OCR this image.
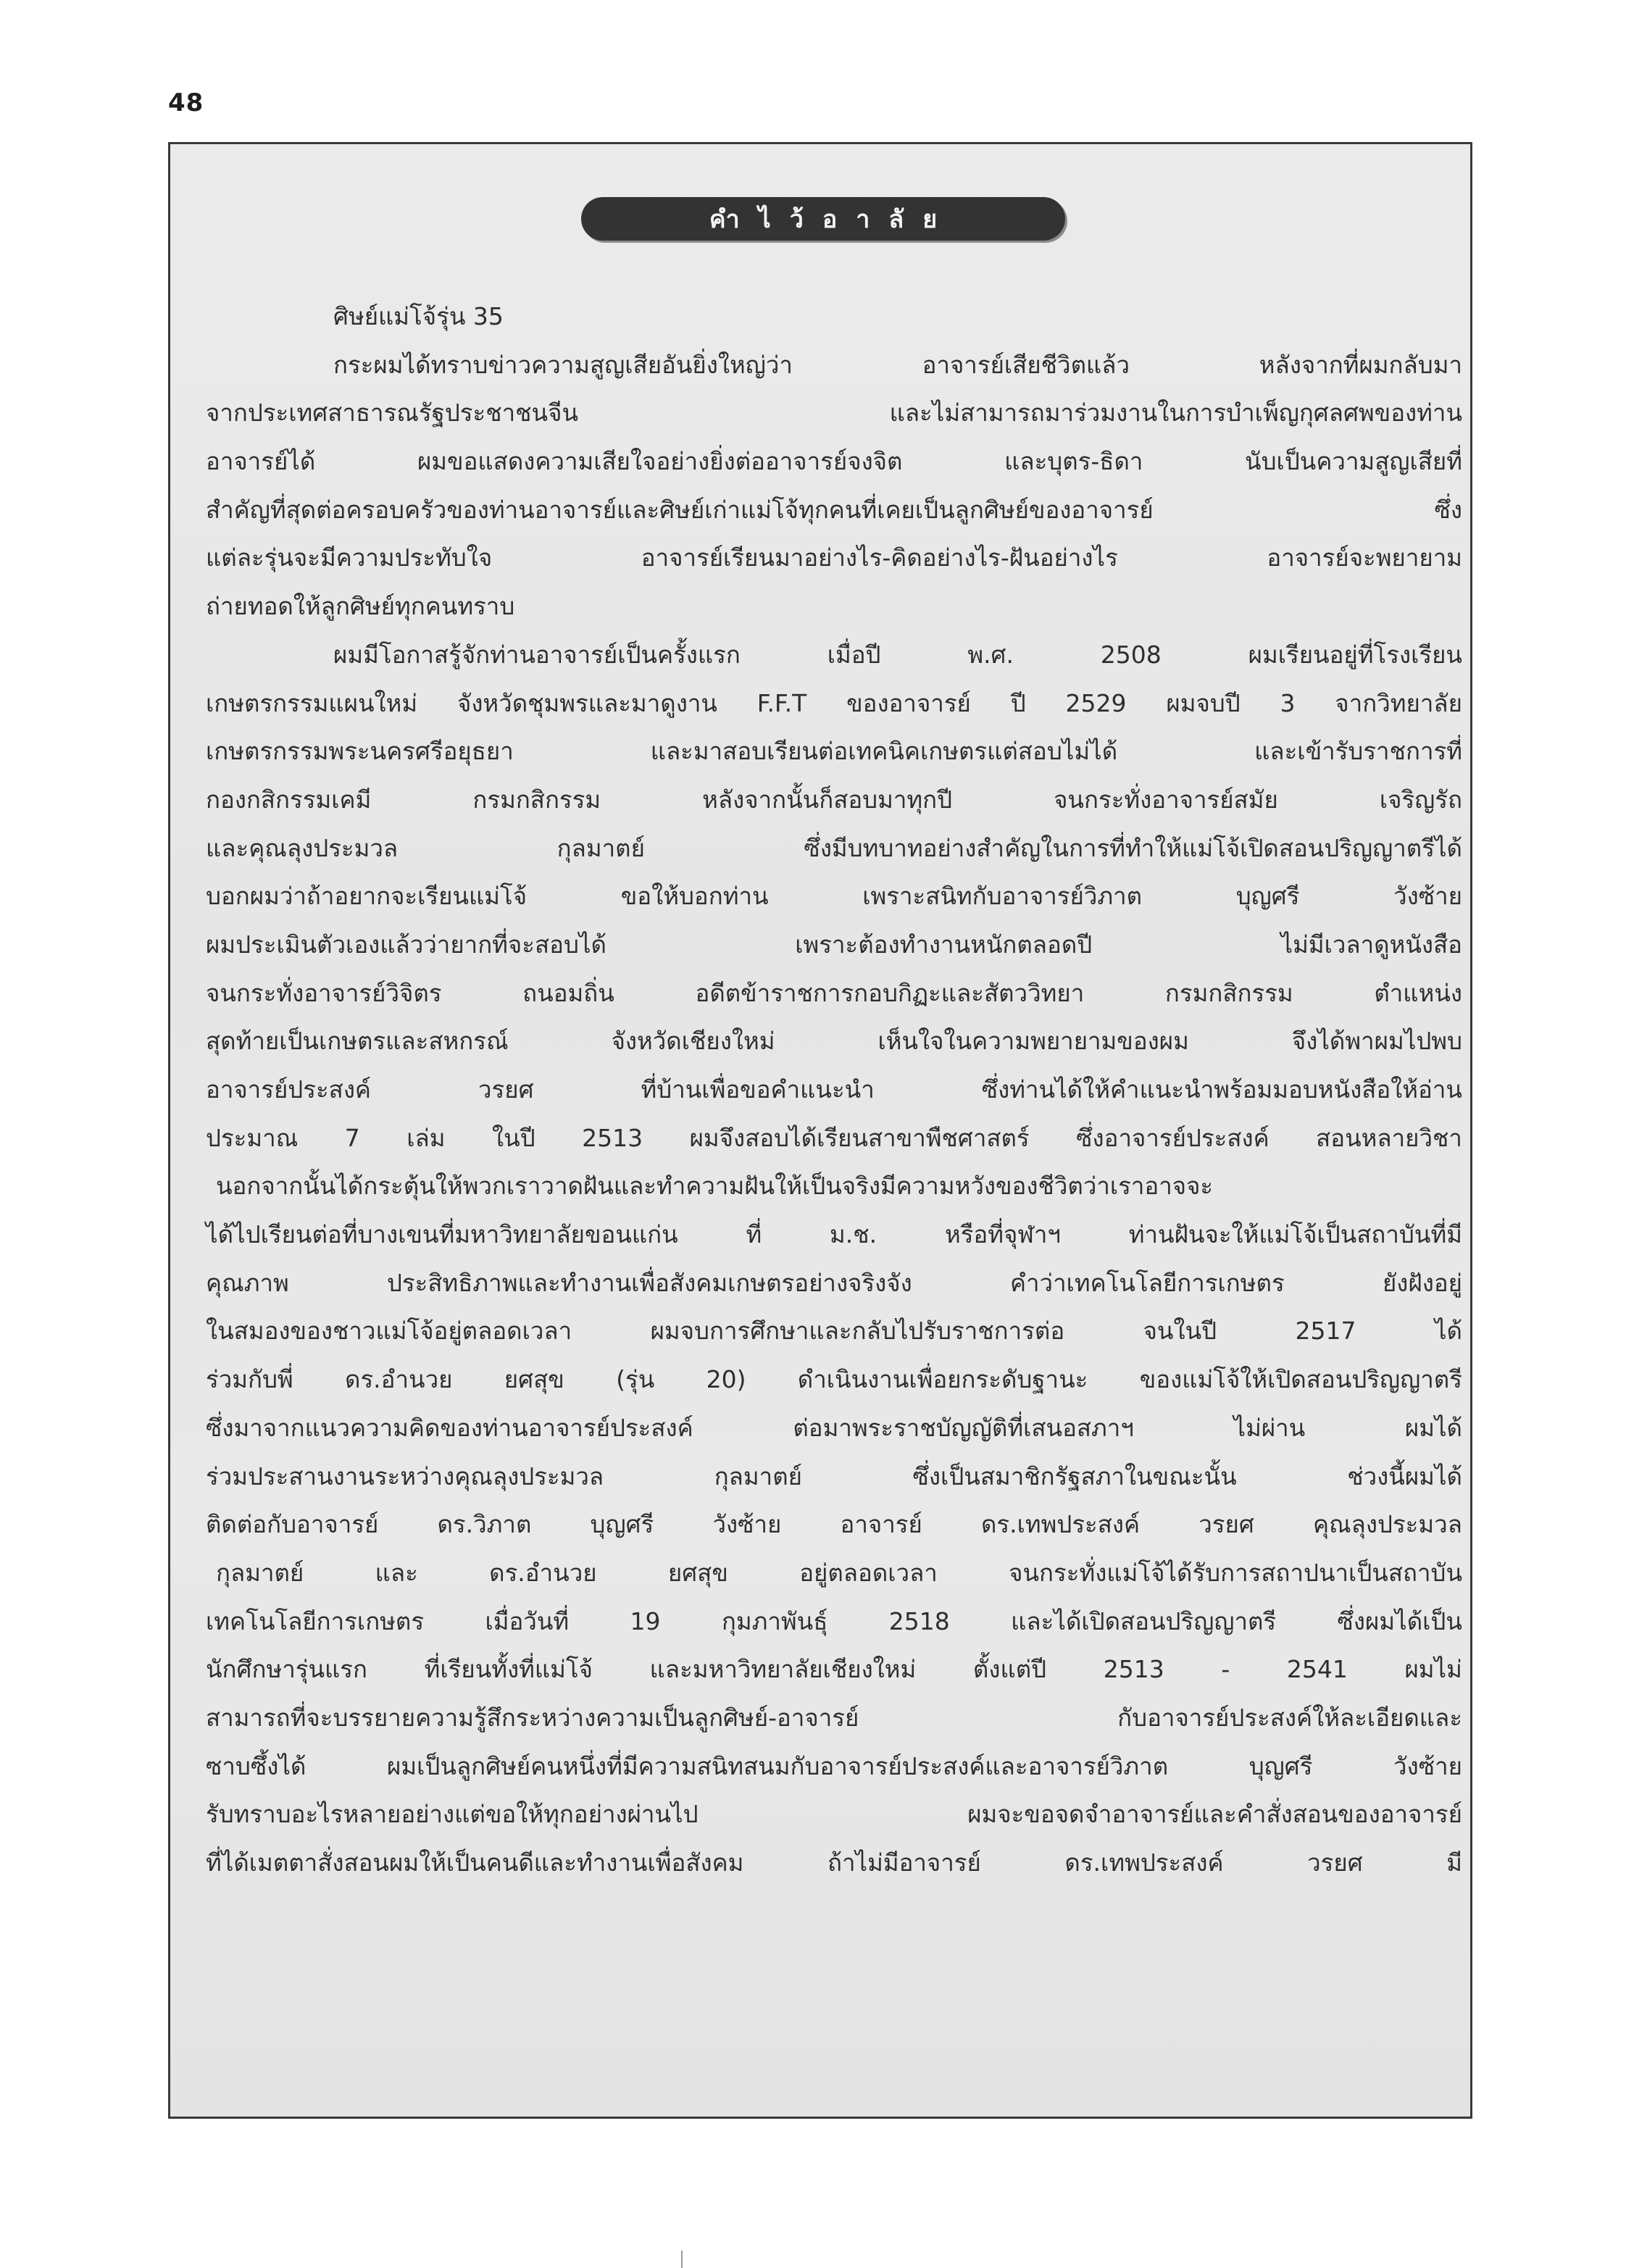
48
คำไว้อาลัย
ศิษย์แม่โจ้รุ่น 35
กระผมได้ทราบข่าวความสูญเสียอันยิ่งใหญ่ว่า	อาจารย์เสียชีวิตแล้ว	หลังจากที่ผมกลับมา
จากประเทศสาธารณรัฐประชาชนจีน	และไม่สามารถมาร่วมงานในการบำเพ็ญกุศลศพของท่าน
อาจารย์ได้	ผมขอแสดงความเสียใจอย่างยิ่งต่ออาจารย์จงจิต	และบุตร-ธิดา	นับเป็นความสูญเสียที่
สำคัญที่สุดต่อครอบครัวของท่านอาจารย์และศิษย์เก่าแม่โจ้ทุกคนที่เคยเป็นลูกศิษย์ของอาจารย์	ซึ่ง
แต่ละรุ่นจะมีความประทับใจ	อาจารย์เรียนมาอย่างไร-คิดอย่างไร-ฝันอย่างไร	อาจารย์จะพยายาม
ถ่ายทอดให้ลูกศิษย์ทุกคนทราบ
ผมมีโอกาสรู้จักท่านอาจารย์เป็นครั้งแรก	เมื่อปี	พ.ศ.	2508	ผมเรียนอยู่ที่โรงเรียน
เกษตรกรรมแผนใหม่ จังหวัดชุมพรและมาดูงาน F.F.T ของอาจารย์ ปี 2529 ผมจบปี 3 จากวิทยาลัย
เกษตรกรรมพระนครศรีอยุธยา	และมาสอบเรียนต่อเทคนิคเกษตรแต่สอบไม่ได้	และเข้ารับราชการที่
กองกสิกรรมเคมี	กรมกสิกรรม	หลังจากนั้นก็สอบมาทุกปี	จนกระทั่งอาจารย์สมัย	เจริญรัถ
และคุณลุงประมวล	กุลมาตย์	ซึ่งมีบทบาทอย่างสำคัญในการที่ทำให้แม่โจ้เปิดสอนปริญญาตรีได้
บอกผมว่าถ้าอยากจะเรียนแม่โจ้	ขอให้บอกท่าน	เพราะสนิทกับอาจารย์วิภาต	บุญศรี	วังซ้าย
ผมประเมินตัวเองแล้วว่ายากที่จะสอบได้	เพราะต้องทำงานหนักตลอดปี	ไม่มีเวลาดูหนังสือ
จนกระทั่งอาจารย์วิจิตร	ถนอมถิ่น	อดีตข้าราชการกอบกิฏะและสัตววิทยา	กรมกสิกรรม	ตำแหน่ง
สุดท้ายเป็นเกษตรและสหกรณ์	จังหวัดเชียงใหม่	เห็นใจในความพยายามของผม	จึงได้พาผมไปพบ
อาจารย์ประสงค์	วรยศ	ที่บ้านเพื่อขอคำแนะนำ	ซึ่งท่านได้ให้คำแนะนำพร้อมมอบหนังสือให้อ่าน
ประมาณ 7 เล่ม ในปี 2513 ผมจึงสอบได้เรียนสาขาพืชศาสตร์ ซึ่งอาจารย์ประสงค์ สอนหลายวิชา
นอกจากนั้นได้กระตุ้นให้พวกเราวาดฝันและทำความฝันให้เป็นจริงมีความหวังของชีวิตว่าเราอาจจะ
ได้ไปเรียนต่อที่บางเขนที่มหาวิทยาลัยขอนแก่น	ที่	ม.ช.	หรือที่จุฬาฯ	ท่านฝันจะให้แม่โจ้เป็นสถาบันที่มี
คุณภาพ	ประสิทธิภาพและทำงานเพื่อสังคมเกษตรอย่างจริงจัง	คำว่าเทคโนโลยีการเกษตร	ยังฝังอยู่
ในสมองของชาวแม่โจ้อยู่ตลอดเวลา	ผมจบการศึกษาและกลับไปรับราชการต่อ	จนในปี	2517	ได้
ร่วมกับพี่ ดร.อำนวย ยศสุข (รุ่น 20) ดำเนินงานเพื่อยกระดับฐานะ ของแม่โจ้ให้เปิดสอนปริญญาตรี
ซึ่งมาจากแนวความคิดของท่านอาจารย์ประสงค์	ต่อมาพระราชบัญญัติที่เสนอสภาฯ	ไม่ผ่าน	ผมได้
ร่วมประสานงานระหว่างคุณลุงประมวล	กุลมาตย์	ซึ่งเป็นสมาชิกรัฐสภาในขณะนั้น	ช่วงนี้ผมได้
ติดต่อกับอาจารย์ ดร.วิภาต บุญศรี วังซ้าย อาจารย์ ดร.เทพประสงค์ วรยศ คุณลุงประมวล
กุลมาตย์	และ	ดร.อำนวย	ยศสุข	อยู่ตลอดเวลา	จนกระทั่งแม่โจ้ได้รับการสถาปนาเป็นสถาบัน
เทคโนโลยีการเกษตร	เมื่อวันที่	19	กุมภาพันธุ์	2518	และได้เปิดสอนปริญญาตรี	ซึ่งผมได้เป็น
นักศึกษารุ่นแรก ที่เรียนทั้งที่แม่โจ้ และมหาวิทยาลัยเชียงใหม่ ตั้งแต่ปี 2513 - 2541 ผมไม่
สามารถที่จะบรรยายความรู้สึกระหว่างความเป็นลูกศิษย์-อาจารย์	กับอาจารย์ประสงค์ให้ละเอียดและ
ซาบซึ้งได้	ผมเป็นลูกศิษย์คนหนึ่งที่มีความสนิทสนมกับอาจารย์ประสงค์และอาจารย์วิภาต	บุญศรี	วังซ้าย
รับทราบอะไรหลายอย่างแต่ขอให้ทุกอย่างผ่านไป	ผมจะขอจดจำอาจารย์และคำสั่งสอนของอาจารย์
ที่ได้เมตตาสั่งสอนผมให้เป็นคนดีและทำงานเพื่อสังคม	ถ้าไม่มีอาจารย์	ดร.เทพประสงค์	วรยศ	มี
